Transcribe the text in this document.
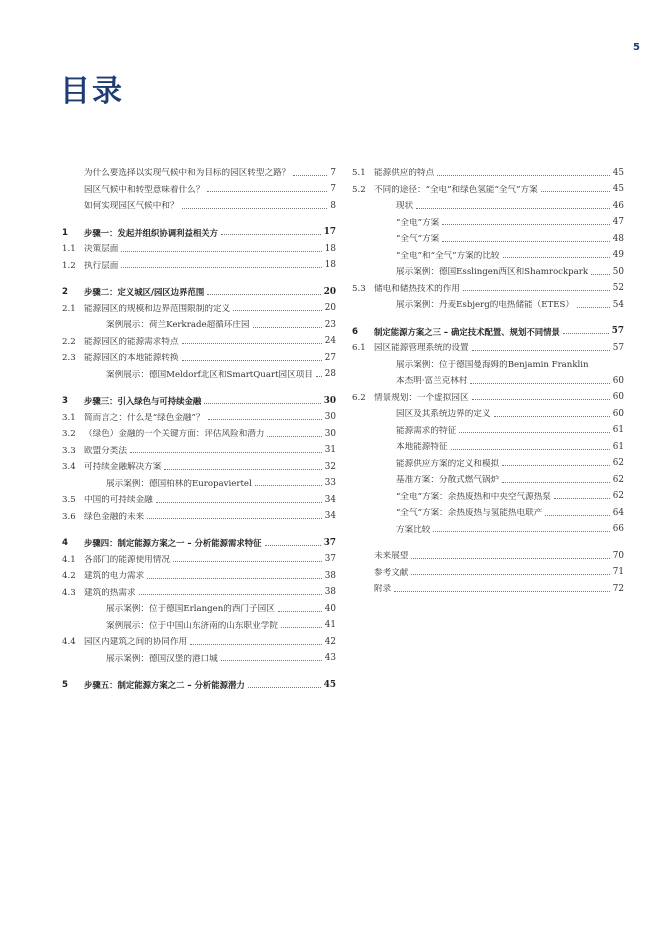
5
目录
为什么要选择以实现气候中和为目标的园区转型之路？	7
园区气候中和转型意味着什么？	7
如何实现园区气候中和？	8
1	步骤一：发起并组织协调利益相关方	17
1.1 决策层面	18
1.2 执行层面	18
2	步骤二：定义城区/园区边界范围	20
2.1 能源园区的规模和边界范围限制的定义	20
案例展示：荷兰Kerkrade超循环庄园	23
2.2 能源园区的能源需求特点	24
2.3 能源园区的本地能源转换	27
案例展示：德国Meldorf北区和SmartQuart园区项目 28
3	步骤三：引入绿色与可持续金融	30
3.1 简而言之：什么是“绿色金融”？	30
3.2 （绿色）金融的一个关键方面：评估风险和潜力	30
3.3 欧盟分类法	31
3.4 可持续金融解决方案	32
展示案例：德国柏林的Europaviertel	33
3.5 中国的可持续金融	34
3.6 绿色金融的未来	34
4	步骤四：制定能源方案之一 – 分析能源需求特征	37
4.1 各部门的能源使用情况	37
4.2 建筑的电力需求	38
4.3 建筑的热需求	38
展示案例：位于德国Erlangen的西门子园区	40
案例展示：位于中国山东济南的山东职业学院	41
4.4 园区内建筑之间的协同作用	42
展示案例：德国汉堡的港口城	43
5	步骤五：制定能源方案之二 – 分析能源潜力	45
5.1 能源供应的特点	45
5.2 不同的途径：“全电”和绿色氢能“全气”方案	45
现状	46
“全电”方案	47
“全气”方案	48
“全电”和“全气”方案的比较	49
展示案例：德国Esslingen西区和Shamrockpark	50
5.3 储电和储热技术的作用	52
展示案例：丹麦Esbjerg的电热储能（ETES）	54
6	制定能源方案之三 – 确定技术配置、规划不同情景	57
6.1 园区能源管理系统的设置	57
展示案例：位于德国曼海姆的Benjamin Franklin
本杰明·富兰克林村	60
6.2 情景规划：一个虚拟园区	60
园区及其系统边界的定义	60
能源需求的特征	61
本地能源特征	61
能源供应方案的定义和模拟	62
基准方案：分散式燃气锅炉	62
“全电”方案：余热废热和中央空气源热泵	62
“全气”方案：余热废热与氢能热电联产	64
方案比较	66
未来展望	70
参考文献	71
附录	72
